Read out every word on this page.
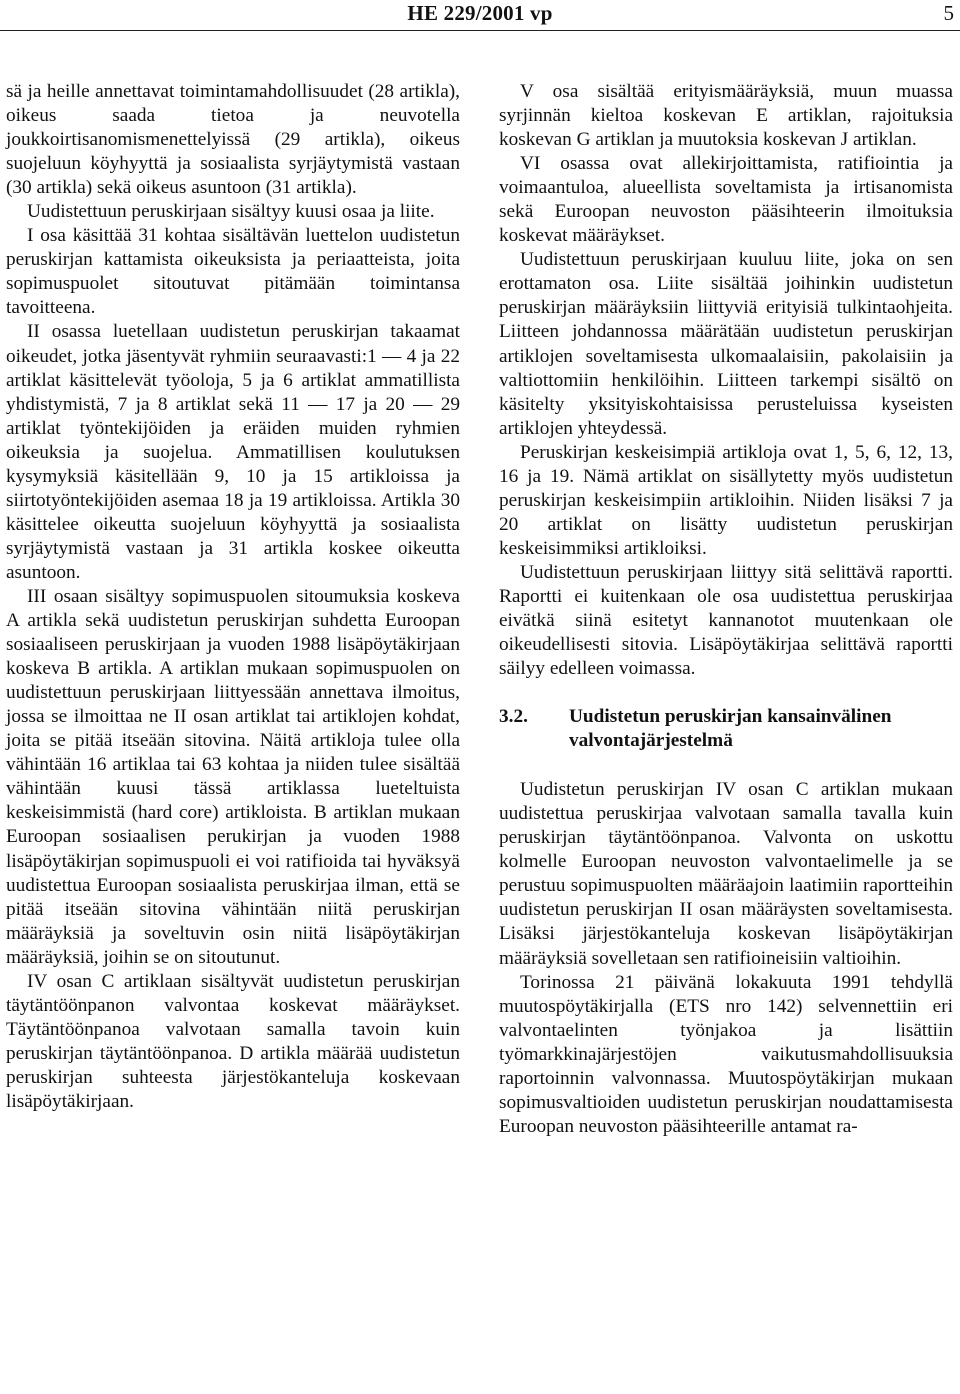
HE 229/2001 vp	5

sä ja heille annettavat toimintamahdollisuudet (28 artikla), oikeus saada tietoa ja neuvotella joukkoirtisanomismenettelyissä (29 artikla), oikeus suojeluun köyhyyttä ja sosiaalista syrjäytymistä vastaan (30 artikla) sekä oikeus asuntoon (31 artikla).

Uudistettuun peruskirjaan sisältyy kuusi osaa ja liite.

I osa käsittää 31 kohtaa sisältävän luettelon uudistetun peruskirjan kattamista oikeuksista ja periaatteista, joita sopimuspuolet sitoutuvat pitämään toimintansa tavoitteena.

II osassa luetellaan uudistetun peruskirjan takaamat oikeudet, jotka jäsentyvät ryhmiin seuraavasti:1 — 4 ja 22 artiklat käsittelevät työoloja, 5 ja 6 artiklat ammatillista yhdistymistä, 7 ja 8 artiklat sekä 11 — 17 ja 20 — 29 artiklat työntekijöiden ja eräiden muiden ryhmien oikeuksia ja suojelua. Ammatillisen koulutuksen kysymyksiä käsitellään 9, 10 ja 15 artikloissa ja siirtotyöntekijöiden asemaa 18 ja 19 artikloissa. Artikla 30 käsittelee oikeutta suojeluun köyhyyttä ja sosiaalista syrjäytymistä vastaan ja 31 artikla koskee oikeutta asuntoon.

III osaan sisältyy sopimuspuolen sitoumuksia koskeva A artikla sekä uudistetun peruskirjan suhdetta Euroopan sosiaaliseen peruskirjaan ja vuoden 1988 lisäpöytäkirjaan koskeva B artikla. A artiklan mukaan sopimuspuolen on uudistettuun peruskirjaan liittyessään annettava ilmoitus, jossa se ilmoittaa ne II osan artiklat tai artiklojen kohdat, joita se pitää itseään sitovina. Näitä artikloja tulee olla vähintään 16 artiklaa tai 63 kohtaa ja niiden tulee sisältää vähintään kuusi tässä artiklassa lueteltuista keskeisimmistä (hard core) artikloista. B artiklan mukaan Euroopan sosiaalisen perukirjan ja vuoden 1988 lisäpöytäkirjan sopimuspuoli ei voi ratifioida tai hyväksyä uudistettua Euroopan sosiaalista peruskirjaa ilman, että se pitää itseään sitovina vähintään niitä peruskirjan määräyksiä ja soveltuvin osin niitä lisäpöytäkirjan määräyksiä, joihin se on sitoutunut.

IV osan C artiklaan sisältyvät uudistetun peruskirjan täytäntöönpanon valvontaa koskevat määräykset. Täytäntöönpanoa valvotaan samalla tavoin kuin peruskirjan täytäntöönpanoa. D artikla määrää uudistetun peruskirjan suhteesta järjestökanteluja koskevaan lisäpöytäkirjaan.

V osa sisältää erityismääräyksiä, muun muassa syrjinnän kieltoa koskevan E artiklan, rajoituksia koskevan G artiklan ja muutoksia koskevan J artiklan.

VI osassa ovat allekirjoittamista, ratifiointia ja voimaantuloa, alueellista soveltamista ja irtisanomista sekä Euroopan neuvoston pääsihteerin ilmoituksia koskevat määräykset.

Uudistettuun peruskirjaan kuuluu liite, joka on sen erottamaton osa. Liite sisältää joihinkin uudistetun peruskirjan määräyksiin liittyviä erityisiä tulkintaohjeita. Liitteen johdannossa määrätään uudistetun peruskirjan artiklojen soveltamisesta ulkomaalaisiin, pakolaisiin ja valtiottomiin henkilöihin. Liitteen tarkempi sisältö on käsitelty yksityiskohtaisissa perusteluissa kyseisten artiklojen yhteydessä.

Peruskirjan keskeisimpiä artikloja ovat 1, 5, 6, 12, 13, 16 ja 19. Nämä artiklat on sisällytetty myös uudistetun peruskirjan keskeisimpiin artikloihin. Niiden lisäksi 7 ja 20 artiklat on lisätty uudistetun peruskirjan keskeisimmiksi artikloiksi.

Uudistettuun peruskirjaan liittyy sitä selittävä raportti. Raportti ei kuitenkaan ole osa uudistettua peruskirjaa eivätkä siinä esitetyt kannanotot muutenkaan ole oikeudellisesti sitovia. Lisäpöytäkirjaa selittävä raportti säilyy edelleen voimassa.

3.2.	Uudistetun peruskirjan kansainvälinen valvontajärjestelmä

Uudistetun peruskirjan IV osan C artiklan mukaan uudistettua peruskirjaa valvotaan samalla tavalla kuin peruskirjan täytäntöönpanoa. Valvonta on uskottu kolmelle Euroopan neuvoston valvontaelimelle ja se perustuu sopimuspuolten määräajoin laatimiin raportteihin uudistetun peruskirjan II osan määräysten soveltamisesta. Lisäksi järjestökanteluja koskevan lisäpöytäkirjan määräyksiä sovelletaan sen ratifioineisiin valtioihin.

Torinossa 21 päivänä lokakuuta 1991 tehdyllä muutospöytäkirjalla (ETS nro 142) selvennettiin eri valvontaelinten työnjakoa ja lisättiin työmarkkinajärjestöjen vaikutusmahdollisuuksia raportoinnin valvonnassa. Muutospöytäkirjan mukaan sopimusvaltioiden uudistetun peruskirjan noudattamisesta Euroopan neuvoston pääsihteerille antamat ra-
